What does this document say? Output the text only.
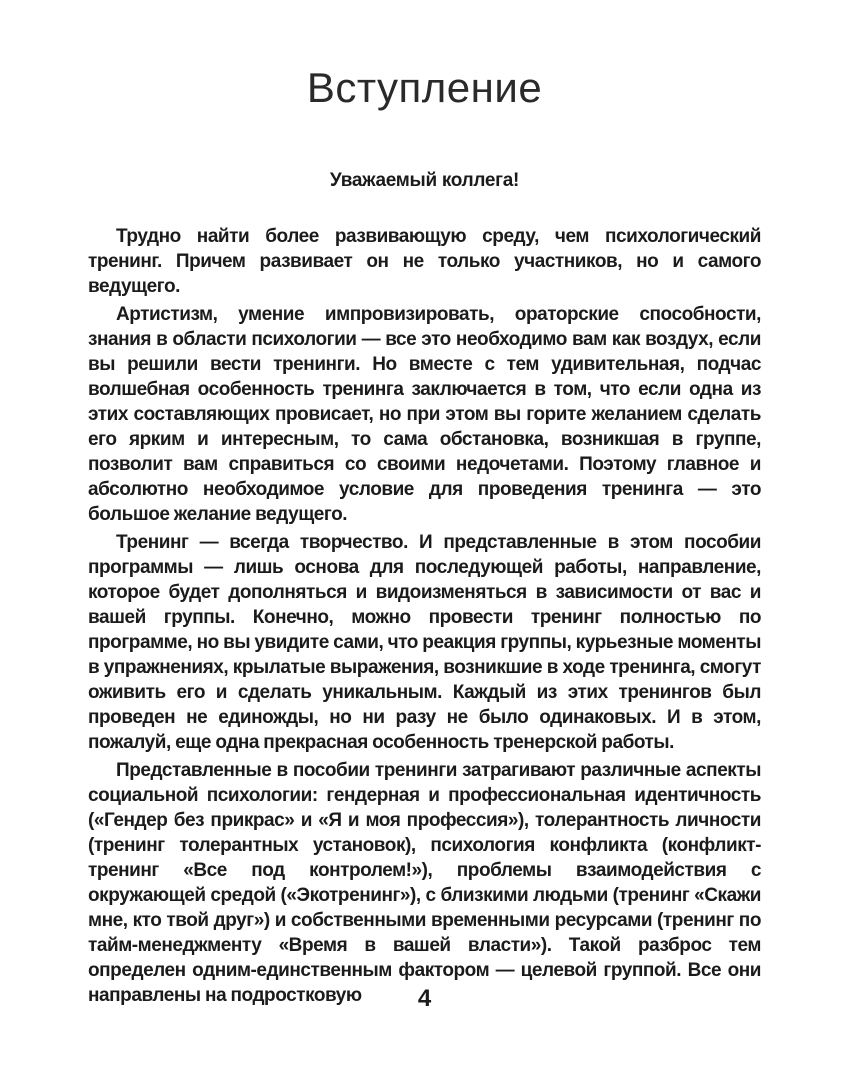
Вступление

Уважаемый коллега!

Трудно найти более развивающую среду, чем психологический тренинг. Причем развивает он не только участников, но и самого ведущего.

Артистизм, умение импровизировать, ораторские способности, знания в области психологии — все это необходимо вам как воздух, если вы решили вести тренинги. Но вместе с тем удивительная, подчас волшебная особенность тренинга заключается в том, что если одна из этих составляющих провисает, но при этом вы горите желанием сделать его ярким и интересным, то сама обстановка, возникшая в группе, позволит вам справиться со своими недочетами. Поэтому главное и абсолютно необходимое условие для проведения тренинга — это большое желание ведущего.

Тренинг — всегда творчество. И представленные в этом пособии программы — лишь основа для последующей работы, направление, которое будет дополняться и видоизменяться в зависимости от вас и вашей группы. Конечно, можно провести тренинг полностью по программе, но вы увидите сами, что реакция группы, курьезные моменты в упражнениях, крылатые выражения, возникшие в ходе тренинга, смогут оживить его и сделать уникальным. Каждый из этих тренингов был проведен не единожды, но ни разу не было одинаковых. И в этом, пожалуй, еще одна прекрасная особенность тренерской работы.

Представленные в пособии тренинги затрагивают различные аспекты социальной психологии: гендерная и профессиональная идентичность («Гендер без прикрас» и «Я и моя профессия»), толерантность личности (тренинг толерантных установок), психология конфликта (конфликт-тренинг «Все под контролем!»), проблемы взаимодействия с окружающей средой («Экотренинг»), с близкими людьми (тренинг «Скажи мне, кто твой друг») и собственными временными ресурсами (тренинг по тайм-менеджменту «Время в вашей власти»). Такой разброс тем определен одним-единственным фактором — целевой группой. Все они направлены на подростковую	4
